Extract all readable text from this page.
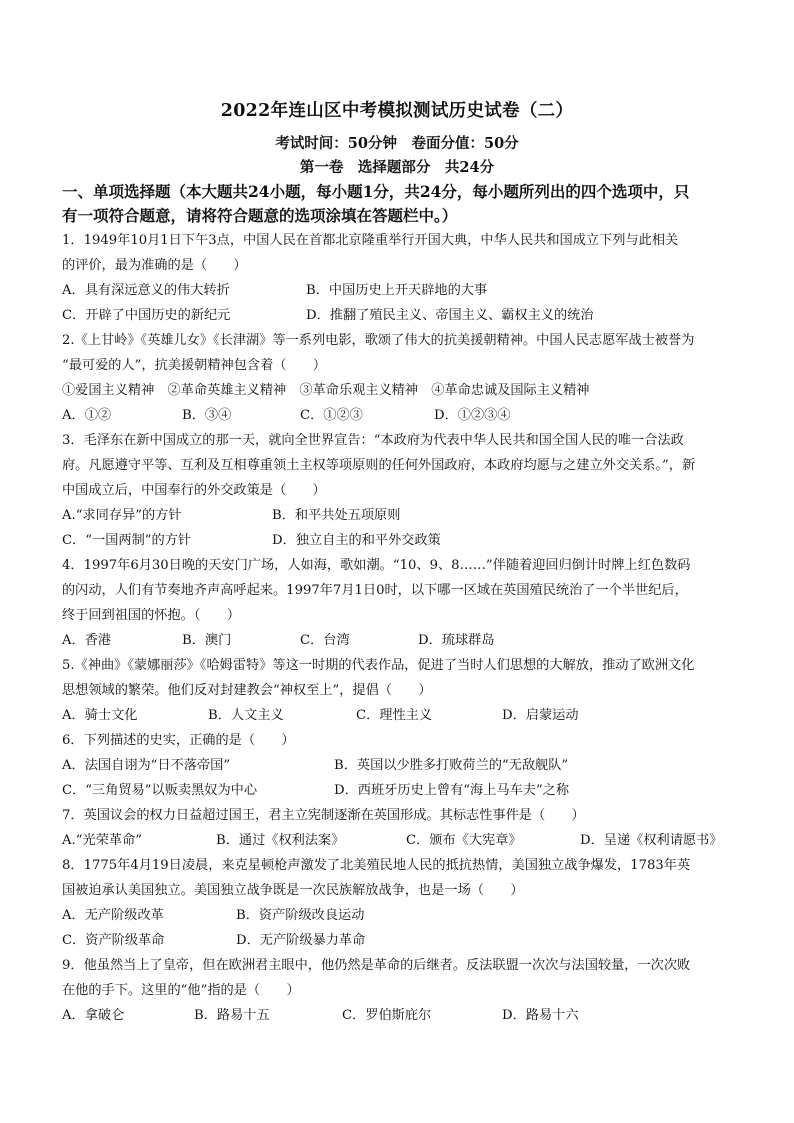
2022年连山区中考模拟测试历史试卷（二）
考试时间：50分钟　卷面分值：50分
第一卷　选择题部分　共24分
一、单项选择题（本大题共24小题，每小题1分，共24分，每小题所列出的四个选项中，只
有一项符合题意，请将符合题意的选项涂填在答题栏中。）
1．1949年10月1日下午3点，中国人民在首都北京隆重举行开国大典，中华人民共和国成立下列与此相关
的评价，最为准确的是（　　）
A．具有深远意义的伟大转折	B．中国历史上开天辟地的大事
C．开辟了中国历史的新纪元	D．推翻了殖民主义、帝国主义、霸权主义的统治
2.《上甘岭》《英雄儿女》《长津湖》等一系列电影，歌颂了伟大的抗美援朝精神。中国人民志愿军战士被誉为
“最可爱的人”，抗美援朝精神包含着（　　）
①爱国主义精神　②革命英雄主义精神　③革命乐观主义精神　④革命忠诚及国际主义精神
A．①②	B．③④	C．①②③	D．①②③④
3．毛泽东在新中国成立的那一天，就向全世界宣告：“本政府为代表中华人民共和国全国人民的唯一合法政
府。凡愿遵守平等、互利及互相尊重领土主权等项原则的任何外国政府，本政府均愿与之建立外交关系。”，新
中国成立后，中国奉行的外交政策是（　　）
A.“求同存异”的方针	B．和平共处五项原则
C．“一国两制”的方针	D．独立自主的和平外交政策
4．1997年6月30日晚的天安门广场，人如海，歌如潮。“10、9、8……”伴随着迎回归倒计时牌上红色数码
的闪动，人们有节奏地齐声高呼起来。1997年7月1日0时，以下哪一区域在英国殖民统治了一个半世纪后，
终于回到祖国的怀抱。（　　）
A．香港	B．澳门	C．台湾	D．琉球群岛
5.《神曲》《蒙娜丽莎》《哈姆雷特》等这一时期的代表作品，促进了当时人们思想的大解放，推动了欧洲文化
思想领域的繁荣。他们反对封建教会“神权至上”，提倡（　　）
A．骑士文化	B．人文主义	C．理性主义	D．启蒙运动
6．下列描述的史实，正确的是（　　）
A．法国自诩为“日不落帝国”	B．英国以少胜多打败荷兰的“无敌舰队”
C．“三角贸易”以贩卖黑奴为中心	D．西班牙历史上曾有“海上马车夫”之称
7．英国议会的权力日益超过国王，君主立宪制逐渐在英国形成。其标志性事件是（　　）
A.“光荣革命”	B．通过《权利法案》	C．颁布《大宪章》	D．呈递《权利请愿书》
8．1775年4月19日凌晨，来克星顿枪声激发了北美殖民地人民的抵抗热情，美国独立战争爆发，1783年英
国被迫承认美国独立。美国独立战争既是一次民族解放战争，也是一场（　　）
A．无产阶级改革	B．资产阶级改良运动
C．资产阶级革命	D．无产阶级暴力革命
9．他虽然当上了皇帝，但在欧洲君主眼中，他仍然是革命的后继者。反法联盟一次次与法国较量，一次次败
在他的手下。这里的“他”指的是（　　）
A．拿破仑	B．路易十五	C．罗伯斯庇尔	D．路易十六
